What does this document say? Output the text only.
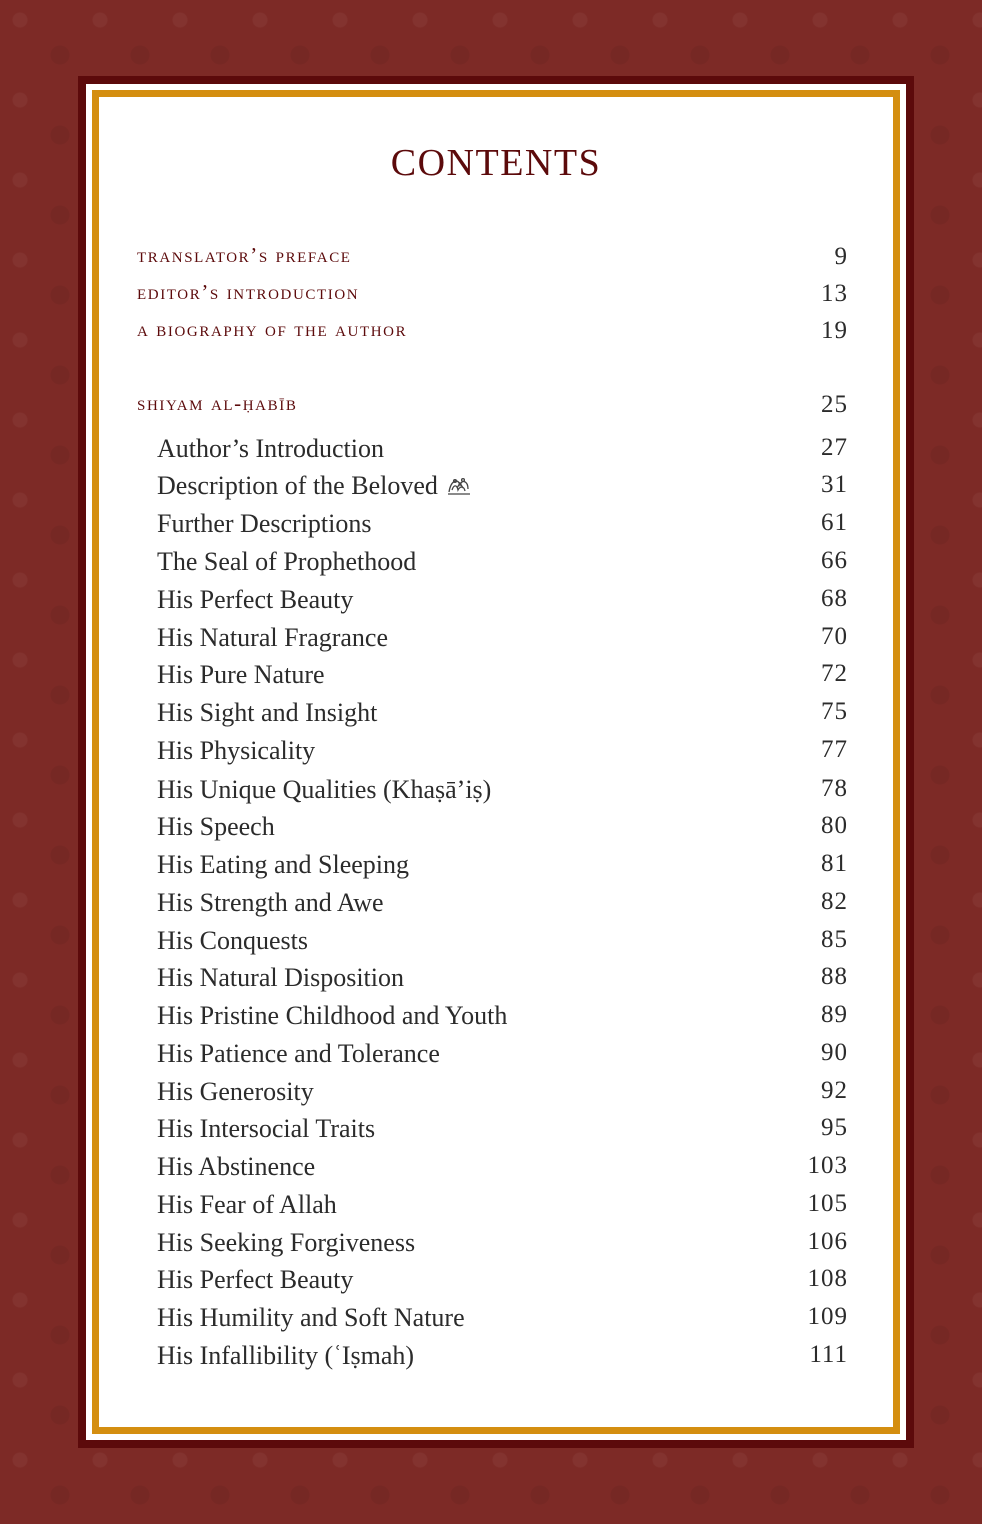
CONTENTS
translator’s preface	9
editor’s introduction	13
a biography of the author	19
shiyam al-ḥabīb	25
Author’s Introduction	27
Description of the Beloved	31
Further Descriptions	61
The Seal of Prophethood	66
His Perfect Beauty	68
His Natural Fragrance	70
His Pure Nature	72
His Sight and Insight	75
His Physicality	77
His Unique Qualities (Khaṣā’iṣ)	78
His Speech	80
His Eating and Sleeping	81
His Strength and Awe	82
His Conquests	85
His Natural Disposition	88
His Pristine Childhood and Youth	89
His Patience and Tolerance	90
His Generosity	92
His Intersocial Traits	95
His Abstinence	103
His Fear of Allah	105
His Seeking Forgiveness	106
His Perfect Beauty	108
His Humility and Soft Nature	109
His Infallibility (ʿIṣmah)	111
